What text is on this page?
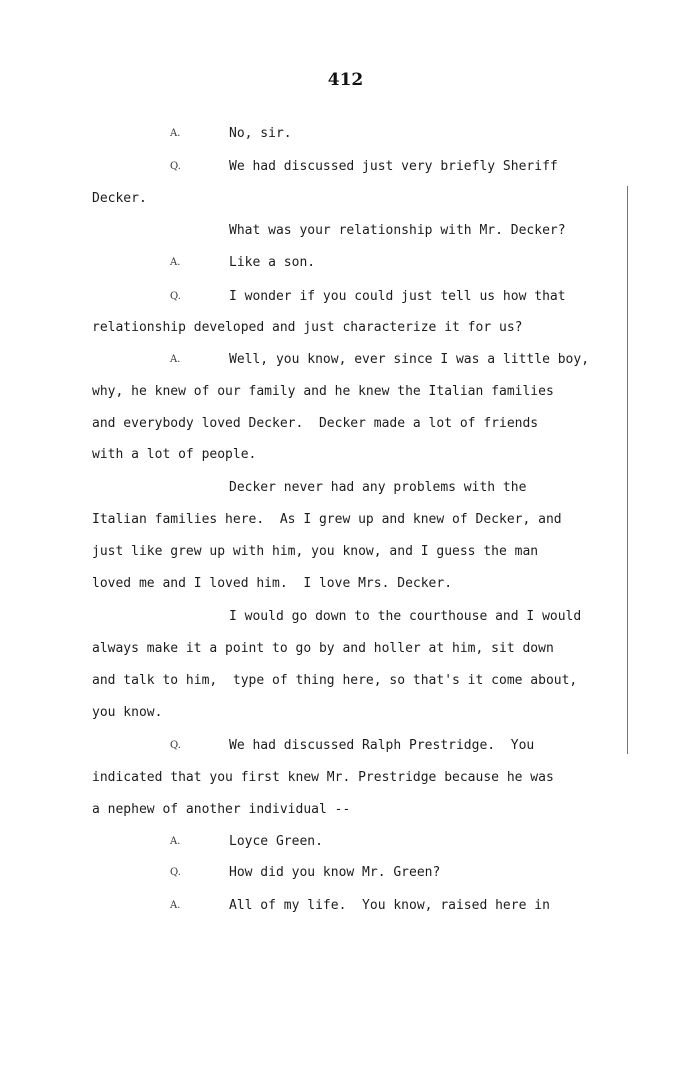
412
A.	No, sir.
Q.	We had discussed just very briefly Sheriff
Decker.
What was your relationship with Mr. Decker?
A.	Like a son.
Q.	I wonder if you could just tell us how that
relationship developed and just characterize it for us?
A.	Well, you know, ever since I was a little boy,
why, he knew of our family and he knew the Italian families
and everybody loved Decker.  Decker made a lot of friends
with a lot of people.
Decker never had any problems with the
Italian families here.  As I grew up and knew of Decker, and
just like grew up with him, you know, and I guess the man
loved me and I loved him.  I love Mrs. Decker.
I would go down to the courthouse and I would
always make it a point to go by and holler at him, sit down
and talk to him,  type of thing here, so that's it come about,
you know.
Q.	We had discussed Ralph Prestridge.  You
indicated that you first knew Mr. Prestridge because he was
a nephew of another individual --
A.	Loyce Green.
Q.	How did you know Mr. Green?
A.	All of my life.  You know, raised here in
